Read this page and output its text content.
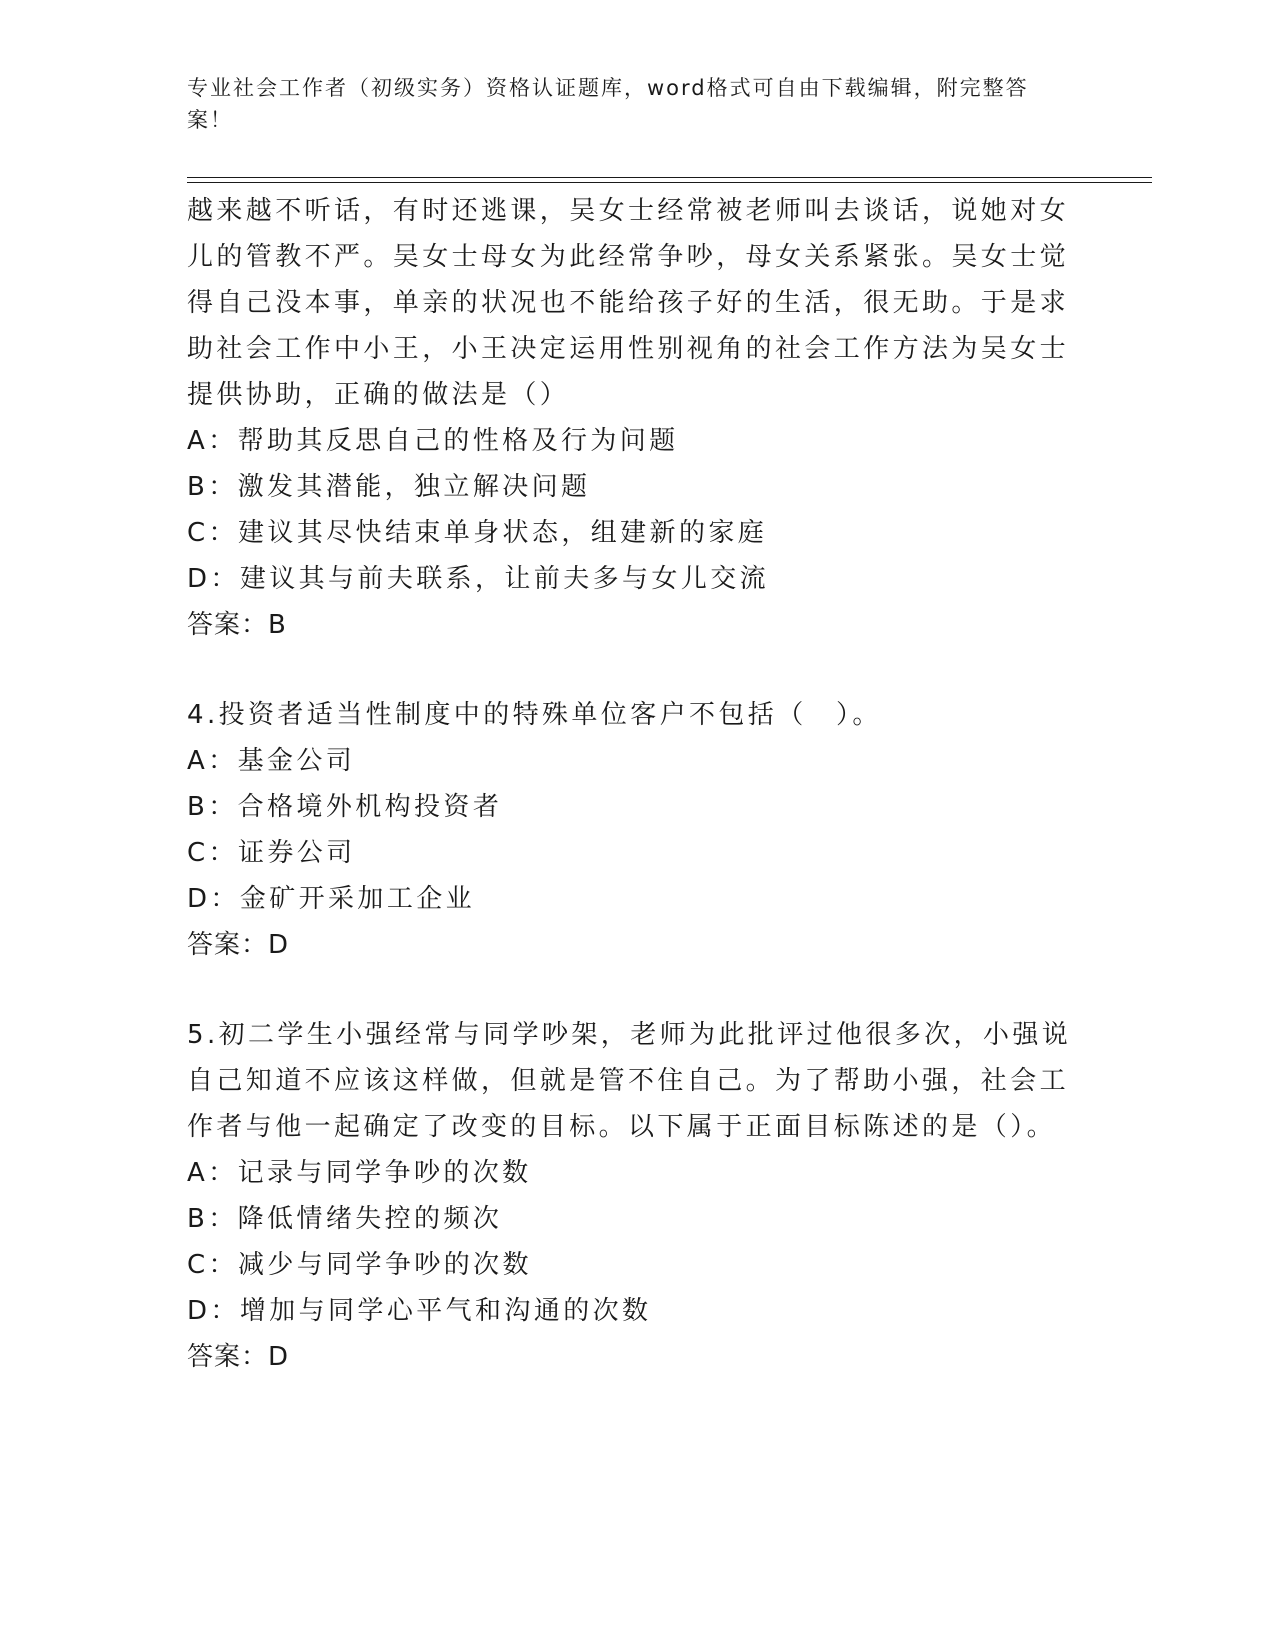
专业社会工作者（初级实务）资格认证题库，word格式可自由下载编辑，附完整答案！
越来越不听话，有时还逃课，吴女士经常被老师叫去谈话，说她对女
儿的管教不严。吴女士母女为此经常争吵，母女关系紧张。吴女士觉
得自己没本事，单亲的状况也不能给孩子好的生活，很无助。于是求
助社会工作中小王，小王决定运用性别视角的社会工作方法为吴女士
提供协助，正确的做法是（）
A：帮助其反思自己的性格及行为问题
B：激发其潜能，独立解决问题
C：建议其尽快结束单身状态，组建新的家庭
D：建议其与前夫联系，让前夫多与女儿交流
答案：B
4.投资者适当性制度中的特殊单位客户不包括（　）。
A：基金公司
B：合格境外机构投资者
C：证券公司
D：金矿开采加工企业
答案：D
5.初二学生小强经常与同学吵架，老师为此批评过他很多次，小强说
自己知道不应该这样做，但就是管不住自己。为了帮助小强，社会工
作者与他一起确定了改变的目标。以下属于正面目标陈述的是（）。
A：记录与同学争吵的次数
B：降低情绪失控的频次
C：减少与同学争吵的次数
D：增加与同学心平气和沟通的次数
答案：D
